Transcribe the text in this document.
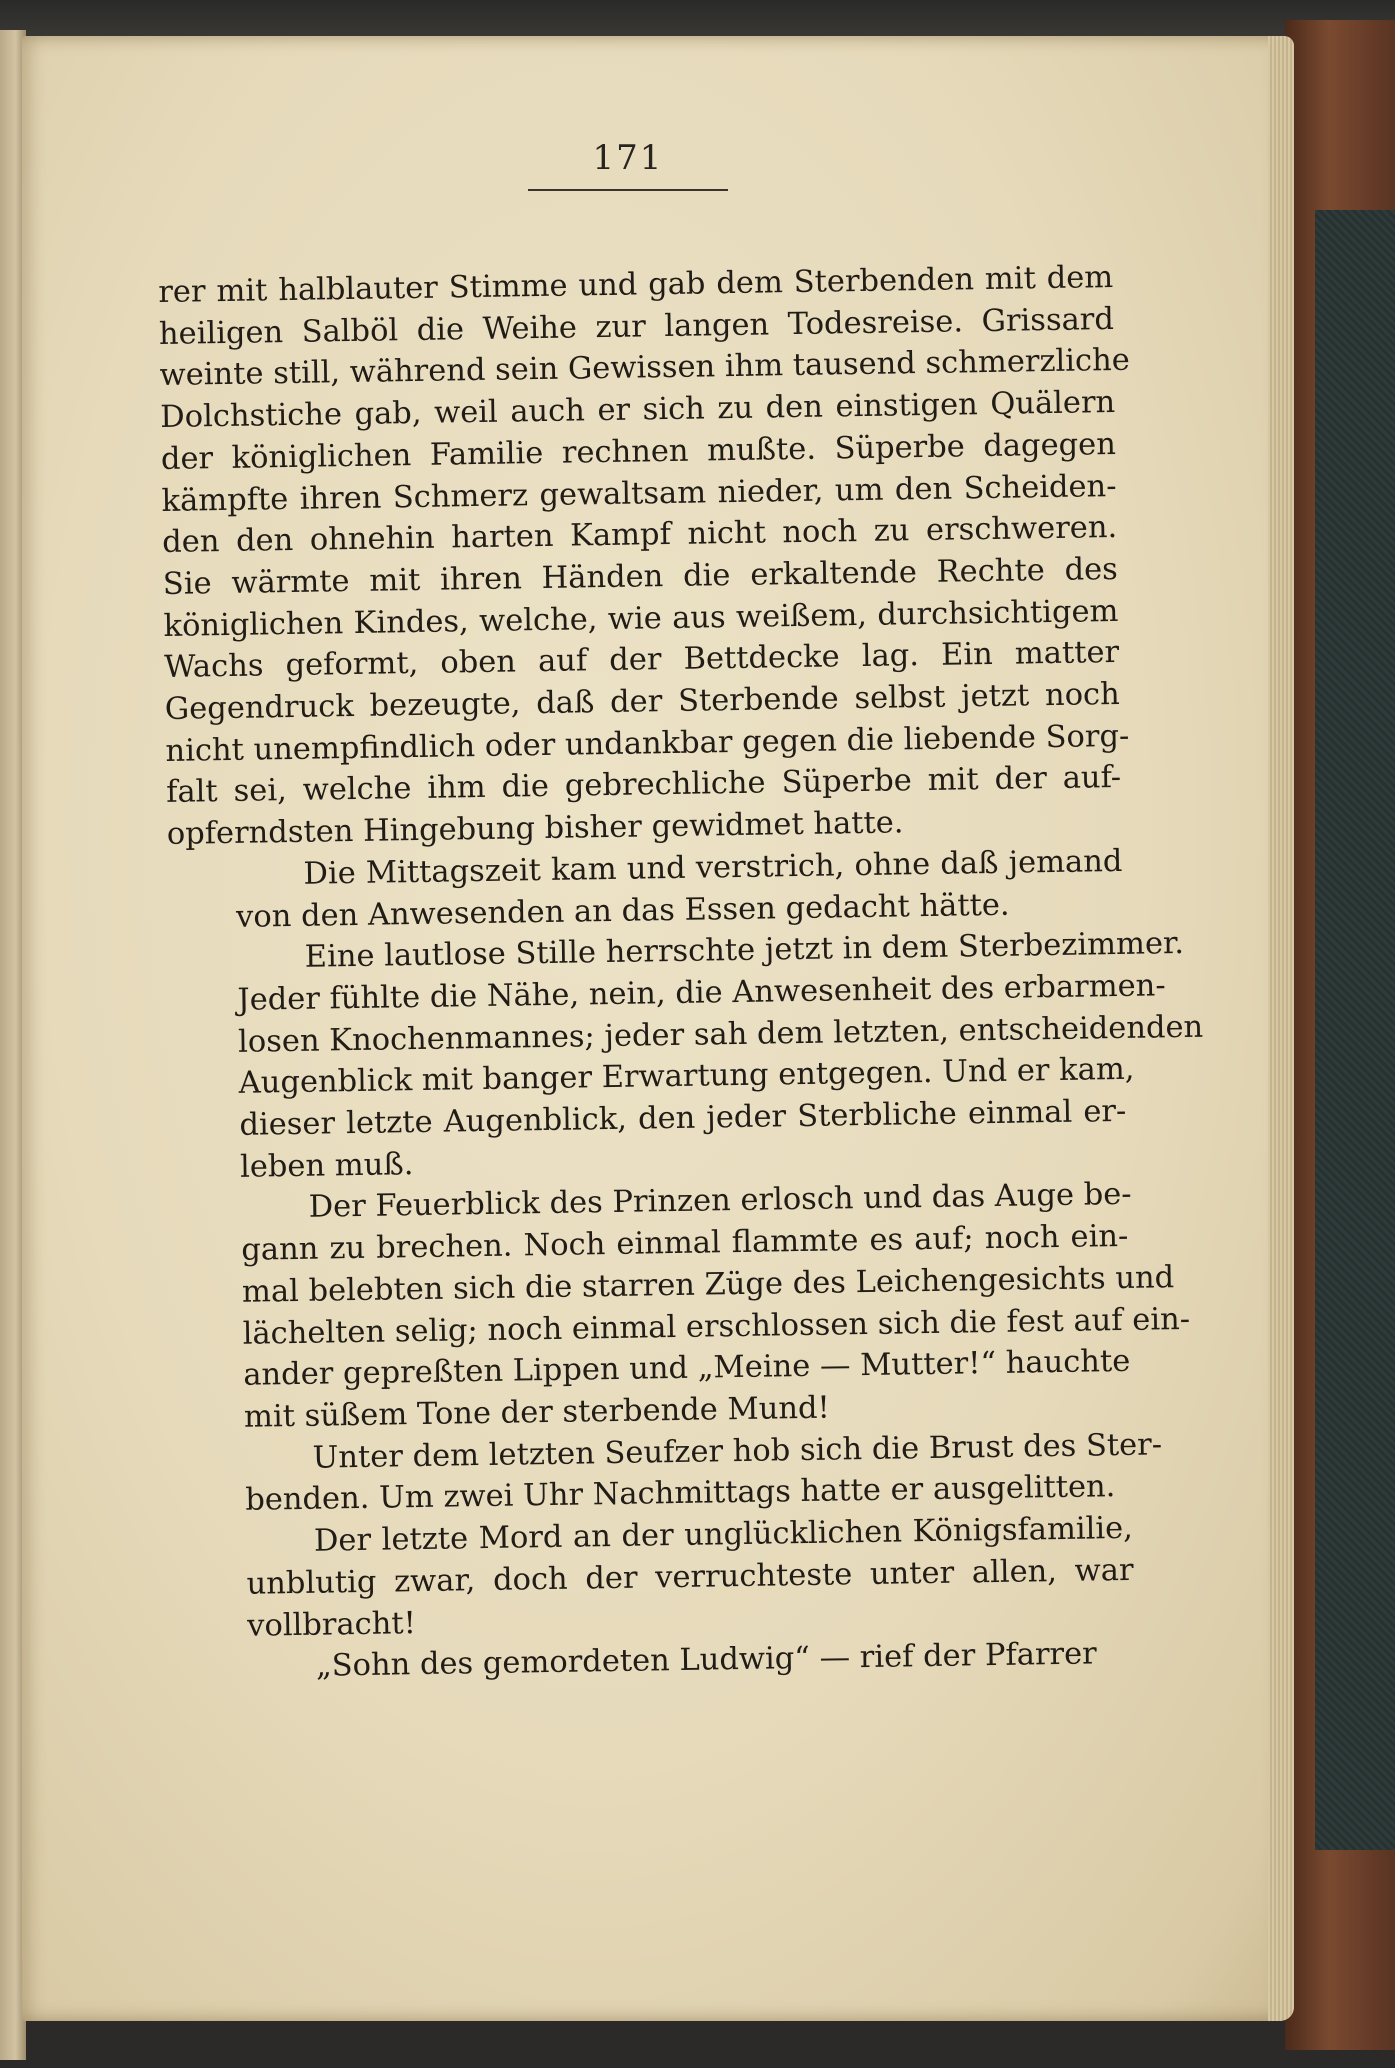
171
rer mit halblauter Stimme und gab dem Sterbenden mit dem
heiligen Salböl die Weihe zur langen Todesreise. Grissard
weinte still, während sein Gewissen ihm tausend schmerzliche
Dolchstiche gab, weil auch er sich zu den einstigen Quälern
der königlichen Familie rechnen mußte. Süperbe dagegen
kämpfte ihren Schmerz gewaltsam nieder, um den Scheiden-
den den ohnehin harten Kampf nicht noch zu erschweren.
Sie wärmte mit ihren Händen die erkaltende Rechte des
königlichen Kindes, welche, wie aus weißem, durchsichtigem
Wachs geformt, oben auf der Bettdecke lag. Ein matter
Gegendruck bezeugte, daß der Sterbende selbst jetzt noch
nicht unempfindlich oder undankbar gegen die liebende Sorg-
falt sei, welche ihm die gebrechliche Süperbe mit der auf-
opferndsten Hingebung bisher gewidmet hatte.
Die Mittagszeit kam und verstrich, ohne daß jemand
von den Anwesenden an das Essen gedacht hätte.
Eine lautlose Stille herrschte jetzt in dem Sterbezimmer.
Jeder fühlte die Nähe, nein, die Anwesenheit des erbarmen-
losen Knochenmannes; jeder sah dem letzten, entscheidenden
Augenblick mit banger Erwartung entgegen. Und er kam,
dieser letzte Augenblick, den jeder Sterbliche einmal er-
leben muß.
Der Feuerblick des Prinzen erlosch und das Auge be-
gann zu brechen. Noch einmal flammte es auf; noch ein-
mal belebten sich die starren Züge des Leichengesichts und
lächelten selig; noch einmal erschlossen sich die fest auf ein-
ander gepreßten Lippen und „Meine — Mutter!“ hauchte
mit süßem Tone der sterbende Mund!
Unter dem letzten Seufzer hob sich die Brust des Ster-
benden. Um zwei Uhr Nachmittags hatte er ausgelitten.
Der letzte Mord an der unglücklichen Königsfamilie,
unblutig zwar, doch der verruchteste unter allen, war
vollbracht!
„Sohn des gemordeten Ludwig“ — rief der Pfarrer
